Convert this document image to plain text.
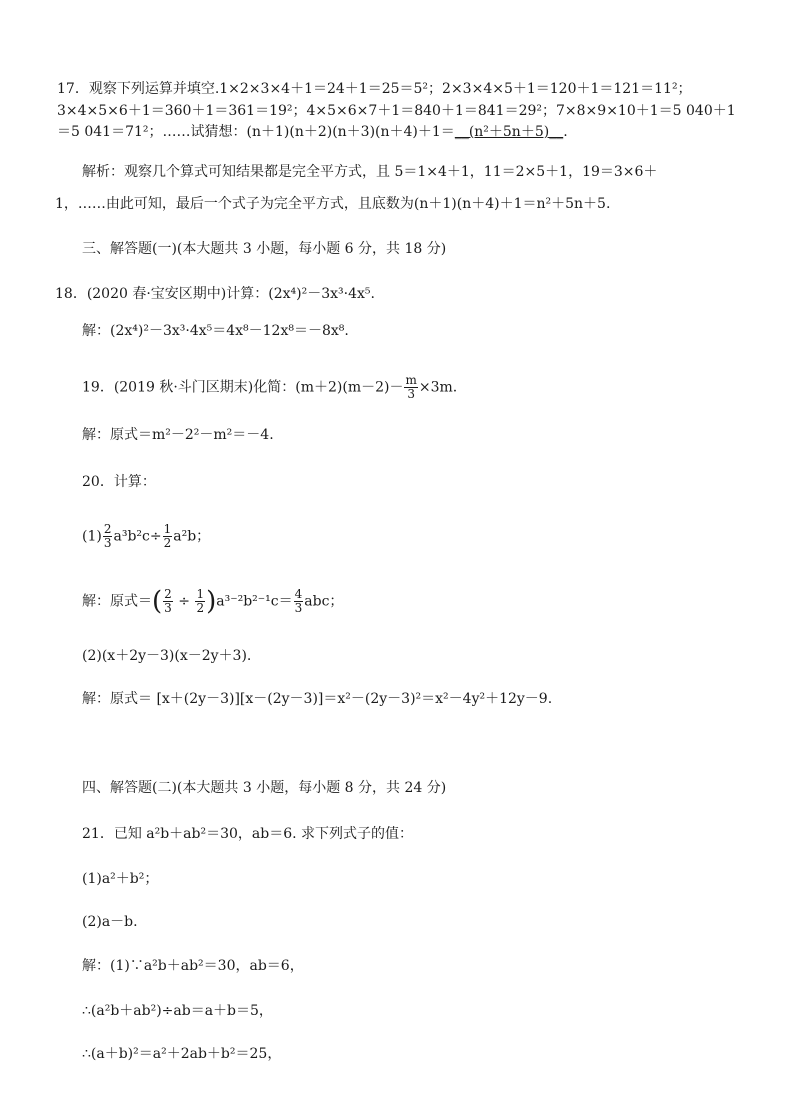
17．观察下列运算并填空.1×2×3×4＋1＝24＋1＝25＝5²；2×3×4×5＋1＝120＋1＝121＝11²；3×4×5×6＋1＝360＋1＝361＝19²；4×5×6×7＋1＝840＋1＝841＝29²；7×8×9×10＋1＝5 040＋1＝5 041＝71²；……试猜想：(n＋1)(n＋2)(n＋3)(n＋4)＋1＝__(n²＋5n＋5)__.
解析：观察几个算式可知结果都是完全平方式，且 5＝1×4＋1，11＝2×5＋1，19＝3×6＋
1，……由此可知，最后一个式子为完全平方式，且底数为(n＋1)(n＋4)＋1＝n²＋5n＋5.
三、解答题(一)(本大题共 3 小题，每小题 6 分，共 18 分)
18．(2020 春·宝安区期中)计算：(2x⁴)²－3x³·4x⁵.
解：(2x⁴)²－3x³·4x⁵＝4x⁸－12x⁸＝－8x⁸.
19．(2019 秋·斗门区期末)化简：$(m+2)(m-2)- \frac{m}{3} \times 3m$.
解：原式＝m²－2²－m²＝－4.
20．计算：
$(1) \frac{2}{3} a^3b^2c\div \frac{1}{2} a^2b$；
解：原式＝( $\frac{2}{3} \div \frac{1}{2} )a^{3-2}b^{2-1}c= \frac{4}{3}$ abc；
(2)(x＋2y－3)(x－2y＋3).
解：原式＝ [x＋(2y－3)][x－(2y－3)]＝x²－(2y－3)²＝x²－4y²＋12y－9.
四、解答题(二)(本大题共 3 小题，每小题 8 分，共 24 分)
21．已知 a²b＋ab²＝30，ab＝6. 求下列式子的值：
(1)a²＋b²；
(2)a－b.
解：(1)∵a²b＋ab²＝30，ab＝6，
∴(a²b＋ab²)÷ab＝a＋b＝5，
∴(a＋b)²＝a²＋2ab＋b²＝25，
